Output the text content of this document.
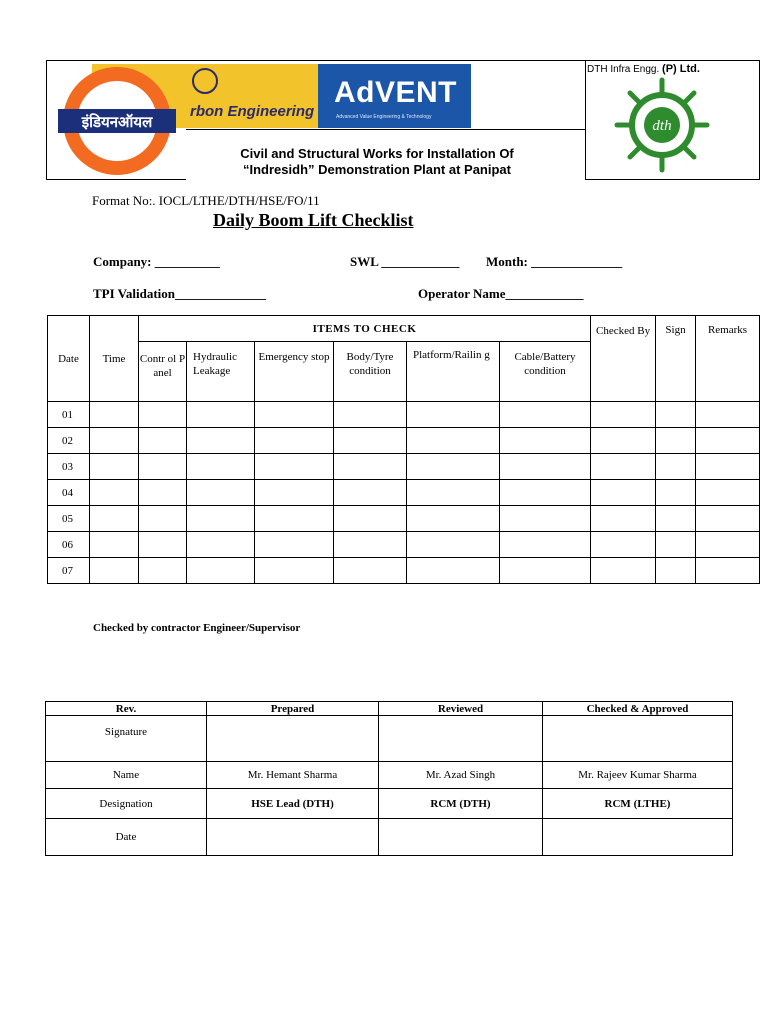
rbon Engineering
AdVENT
Advanced Value Engineering & Technology
इंडियनऑयल	dth
DTH Infra Engg. (P) Ltd.
Civil and Structural Works for Installation Of
“Indresidh” Demonstration Plant at Panipat
Format No:. IOCL/LTHE/DTH/HSE/FO/11
Daily Boom Lift Checklist
Company: __________	SWL ____________ Month: ______________
TPI Validation______________	Operator Name____________
Date	Time	ITEMS TO CHECK						Checked By	Sign	Remarks
		Contr ol Panel	Hydraulic Leakage	Emergency stop	Body/Tyre condition	Platform/Railin g	Cable/Battery condition			
01										
02										
03										
04										
05										
06										
07										
Checked by contractor Engineer/Supervisor
Rev.	Prepared	Reviewed	Checked & Approved
Signature			
Name	Mr. Hemant Sharma	Mr. Azad Singh	Mr. Rajeev Kumar Sharma
Designation	HSE Lead (DTH)	RCM (DTH)	RCM (LTHE)
Date			
